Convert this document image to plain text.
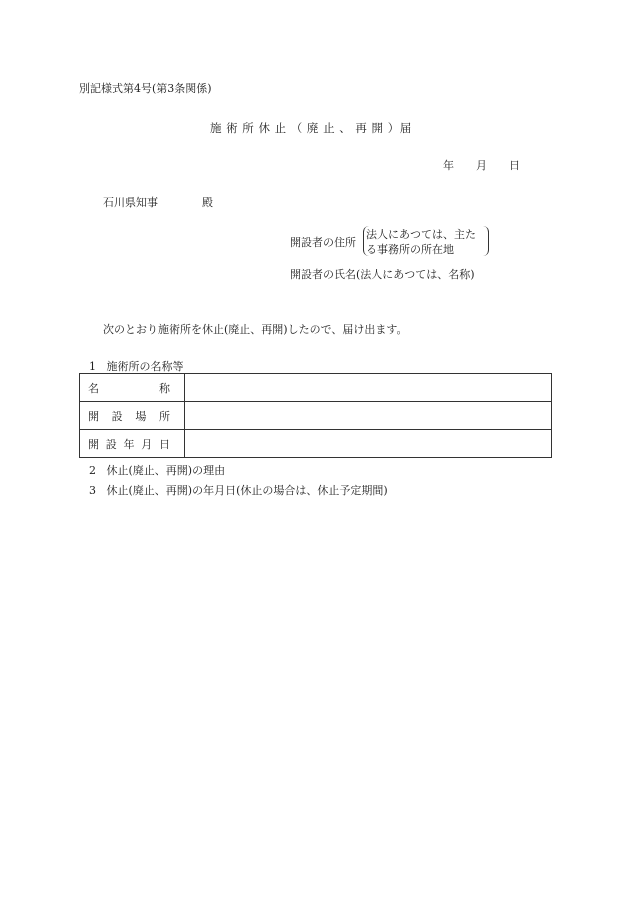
別記様式第4号(第3条関係)
施 術 所 休 止 （ 廃 止 、 再 開 ）届
年 月 日
石川県知事	殿
開設者の住所
法人にあつては、主た
る事務所の所在地
開設者の氏名(法人にあつては、名称)
次のとおり施術所を休止(廃止、再開)したので、届け出ます。
1 施術所の名称等
名 称	

開 設 場 所	

開 設 年 月 日	

2 休止(廃止、再開)の理由
3 休止(廃止、再開)の年月日(休止の場合は、休止予定期間)
